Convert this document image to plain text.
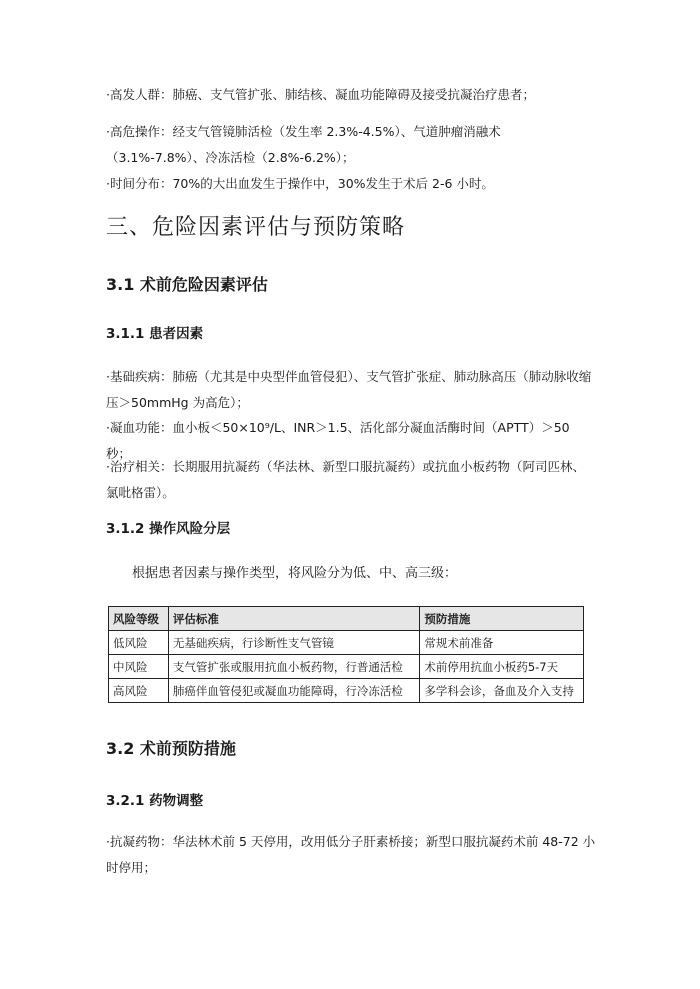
·高发人群：肺癌、支气管扩张、肺结核、凝血功能障碍及接受抗凝治疗患者；

·高危操作：经支气管镜肺活检（发生率 2.3%-4.5%）、气道肿瘤消融术（3.1%-7.8%）、冷冻活检（2.8%-6.2%）；

·时间分布：70%的大出血发生于操作中，30%发生于术后 2-6 小时。

三、危险因素评估与预防策略
3.1 术前危险因素评估
3.1.1 患者因素

·基础疾病：肺癌（尤其是中央型伴血管侵犯）、支气管扩张症、肺动脉高压（肺动脉收缩压＞50mmHg 为高危）；

·凝血功能：血小板＜50×10⁹/L、INR＞1.5、活化部分凝血活酶时间（APTT）＞50 秒；

·治疗相关：长期服用抗凝药（华法林、新型口服抗凝药）或抗血小板药物（阿司匹林、氯吡格雷）。

3.1.2 操作风险分层

根据患者因素与操作类型，将风险分为低、中、高三级：

风险等级	评估标准	预防措施
低风险	无基础疾病，行诊断性支气管镜	常规术前准备
中风险	支气管扩张或服用抗血小板药物，行普通活检	术前停用抗血小板药5-7天
高风险	肺癌伴血管侵犯或凝血功能障碍，行冷冻活检	多学科会诊，备血及介入支持
3.2 术前预防措施
3.2.1 药物调整

·抗凝药物：华法林术前 5 天停用，改用低分子肝素桥接；新型口服抗凝药术前 48-72 小时停用；
